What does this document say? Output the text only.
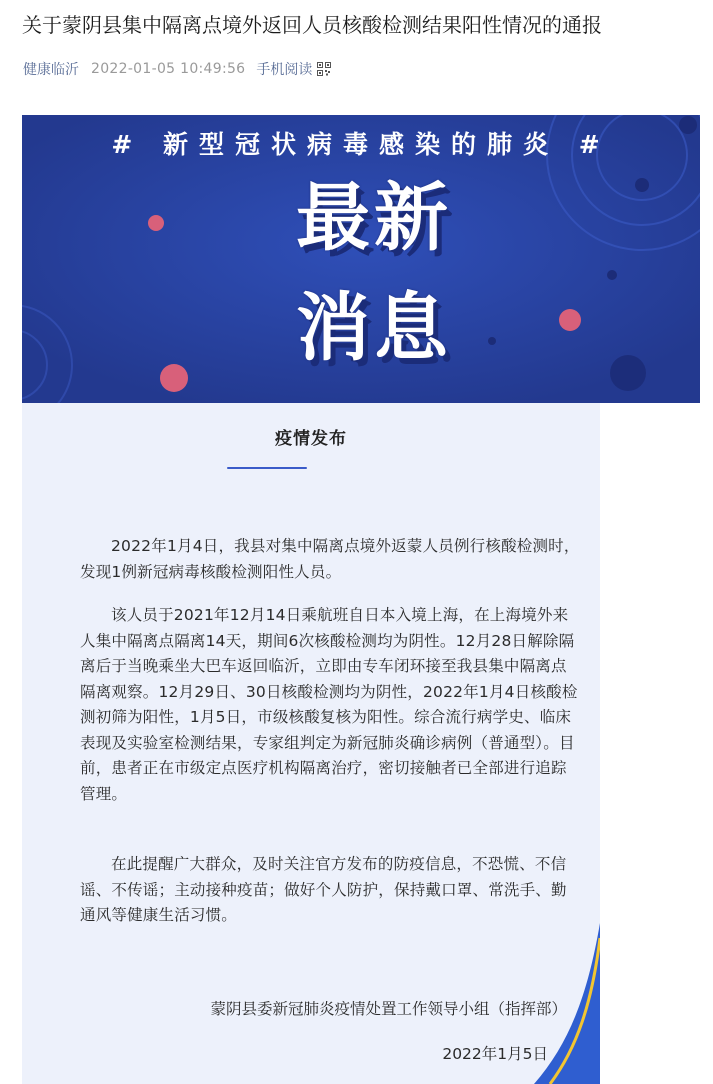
关于蒙阴县集中隔离点境外返回人员核酸检测结果阳性情况的通报
健康临沂 2022-01-05 10:49:56 手机阅读
# 新型冠状病毒感染的肺炎 #
最新
消息
疫情发布

2022年1月4日，我县对集中隔离点境外返蒙人员例行核酸检测时，发现1例新冠病毒核酸检测阳性人员。

该人员于2021年12月14日乘航班自日本入境上海，在上海境外来人集中隔离点隔离14天，期间6次核酸检测均为阴性。12月28日解除隔离后于当晚乘坐大巴车返回临沂，立即由专车闭环接至我县集中隔离点隔离观察。12月29日、30日核酸检测均为阴性，2022年1月4日核酸检测初筛为阳性，1月5日，市级核酸复核为阳性。综合流行病学史、临床表现及实验室检测结果，专家组判定为新冠肺炎确诊病例（普通型）。目前，患者正在市级定点医疗机构隔离治疗，密切接触者已全部进行追踪管理。

在此提醒广大群众，及时关注官方发布的防疫信息，不恐慌、不信谣、不传谣；主动接种疫苗；做好个人防护，保持戴口罩、常洗手、勤通风等健康生活习惯。

蒙阴县委新冠肺炎疫情处置工作领导小组（指挥部）
2022年1月5日
